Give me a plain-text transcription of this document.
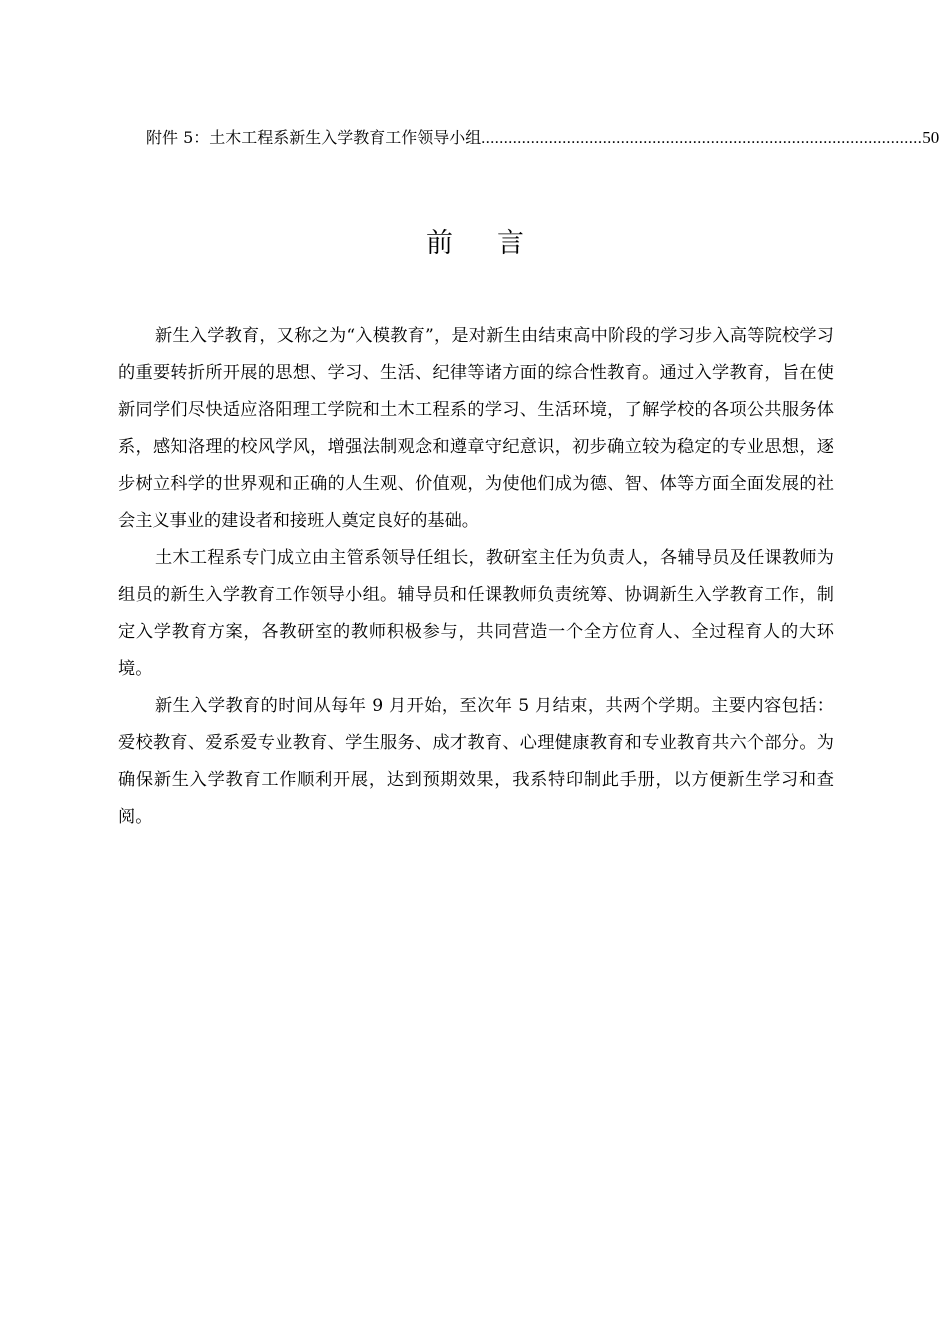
附件 5：土木工程系新生入学教育工作领导小组 .................................................................................................. 50
前言

新生入学教育，又称之为“入模教育”，是对新生由结束高中阶段的学习步入高等院校学习的重要转折所开展的思想、学习、生活、纪律等诸方面的综合性教育。通过入学教育，旨在使新同学们尽快适应洛阳理工学院和土木工程系的学习、生活环境，了解学校的各项公共服务体系，感知洛理的校风学风，增强法制观念和遵章守纪意识，初步确立较为稳定的专业思想，逐步树立科学的世界观和正确的人生观、价值观，为使他们成为德、智、体等方面全面发展的社会主义事业的建设者和接班人奠定良好的基础。

土木工程系专门成立由主管系领导任组长，教研室主任为负责人，各辅导员及任课教师为组员的新生入学教育工作领导小组。辅导员和任课教师负责统筹、协调新生入学教育工作，制定入学教育方案，各教研室的教师积极参与，共同营造一个全方位育人、全过程育人的大环境。

新生入学教育的时间从每年 9 月开始，至次年 5 月结束，共两个学期。主要内容包括：爱校教育、爱系爱专业教育、学生服务、成才教育、心理健康教育和专业教育共六个部分。为确保新生入学教育工作顺利开展，达到预期效果，我系特印制此手册，以方便新生学习和查阅。
